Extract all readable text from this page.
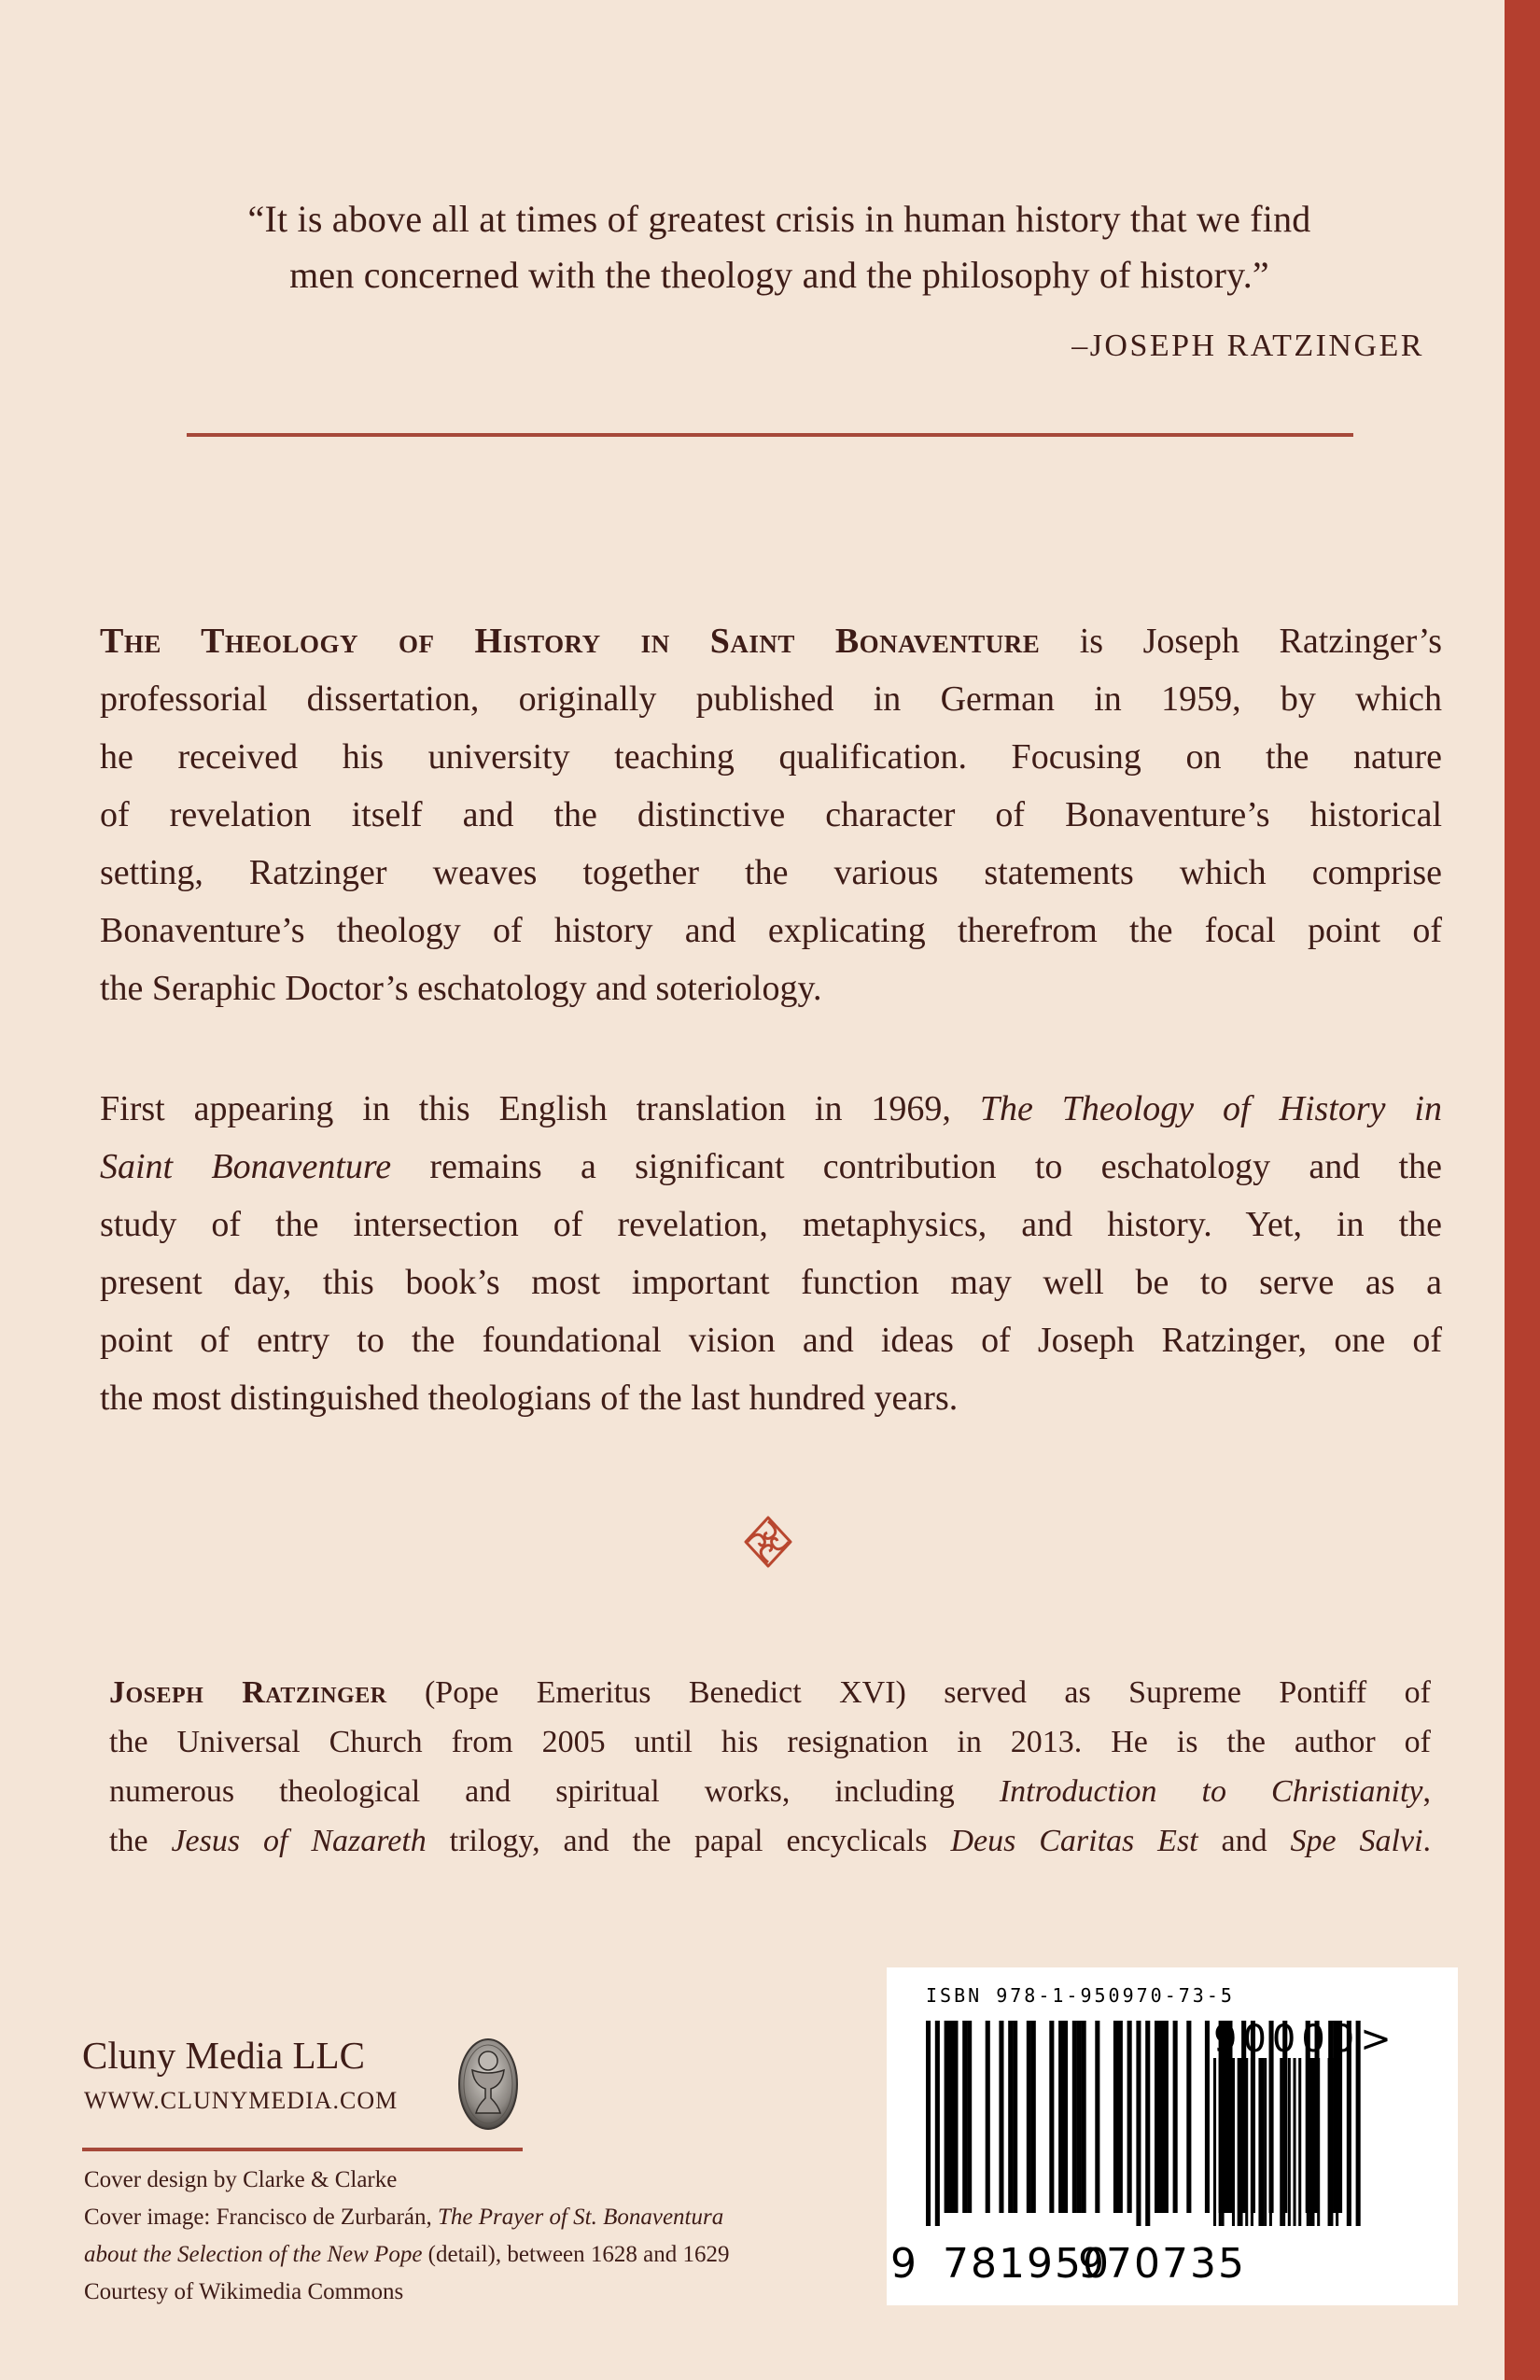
“It is above all at times of greatest crisis in human history that we find
men concerned with the theology and the philosophy of history.”
–JOSEPH RATZINGER
The Theology of History in Saint Bonaventure is Joseph Ratzinger’s
professorial dissertation, originally published in German in 1959, by which
he received his university teaching qualification. Focusing on the nature
of revelation itself and the distinctive character of Bonaventure’s historical
setting, Ratzinger weaves together the various statements which comprise
Bonaventure’s theology of history and explicating therefrom the focal point of
the Seraphic Doctor’s eschatology and soteriology.
First appearing in this English translation in 1969, The Theology of History in
Saint Bonaventure remains a significant contribution to eschatology and the
study of the intersection of revelation, metaphysics, and history. Yet, in the
present day, this book’s most important function may well be to serve as a
point of entry to the foundational vision and ideas of Joseph Ratzinger, one of
the most distinguished theologians of the last hundred years.
Joseph Ratzinger (Pope Emeritus Benedict XVI) served as Supreme Pontiff of
the Universal Church from 2005 until his resignation in 2013. He is the author of
numerous theological and spiritual works, including Introduction to Christianity,
the Jesus of Nazareth trilogy, and the papal encyclicals Deus Caritas Est and Spe Salvi.
Cluny Media LLC
WWW.CLUNYMEDIA.COM
Cover design by Clarke & Clarke
Cover image: Francisco de Zurbarán, The Prayer of St. Bonaventura
about the Selection of the New Pope (detail), between 1628 and 1629
Courtesy of Wikimedia Commons
ISBN 978-1-950970-73-5
90000>
9 781950
970735
